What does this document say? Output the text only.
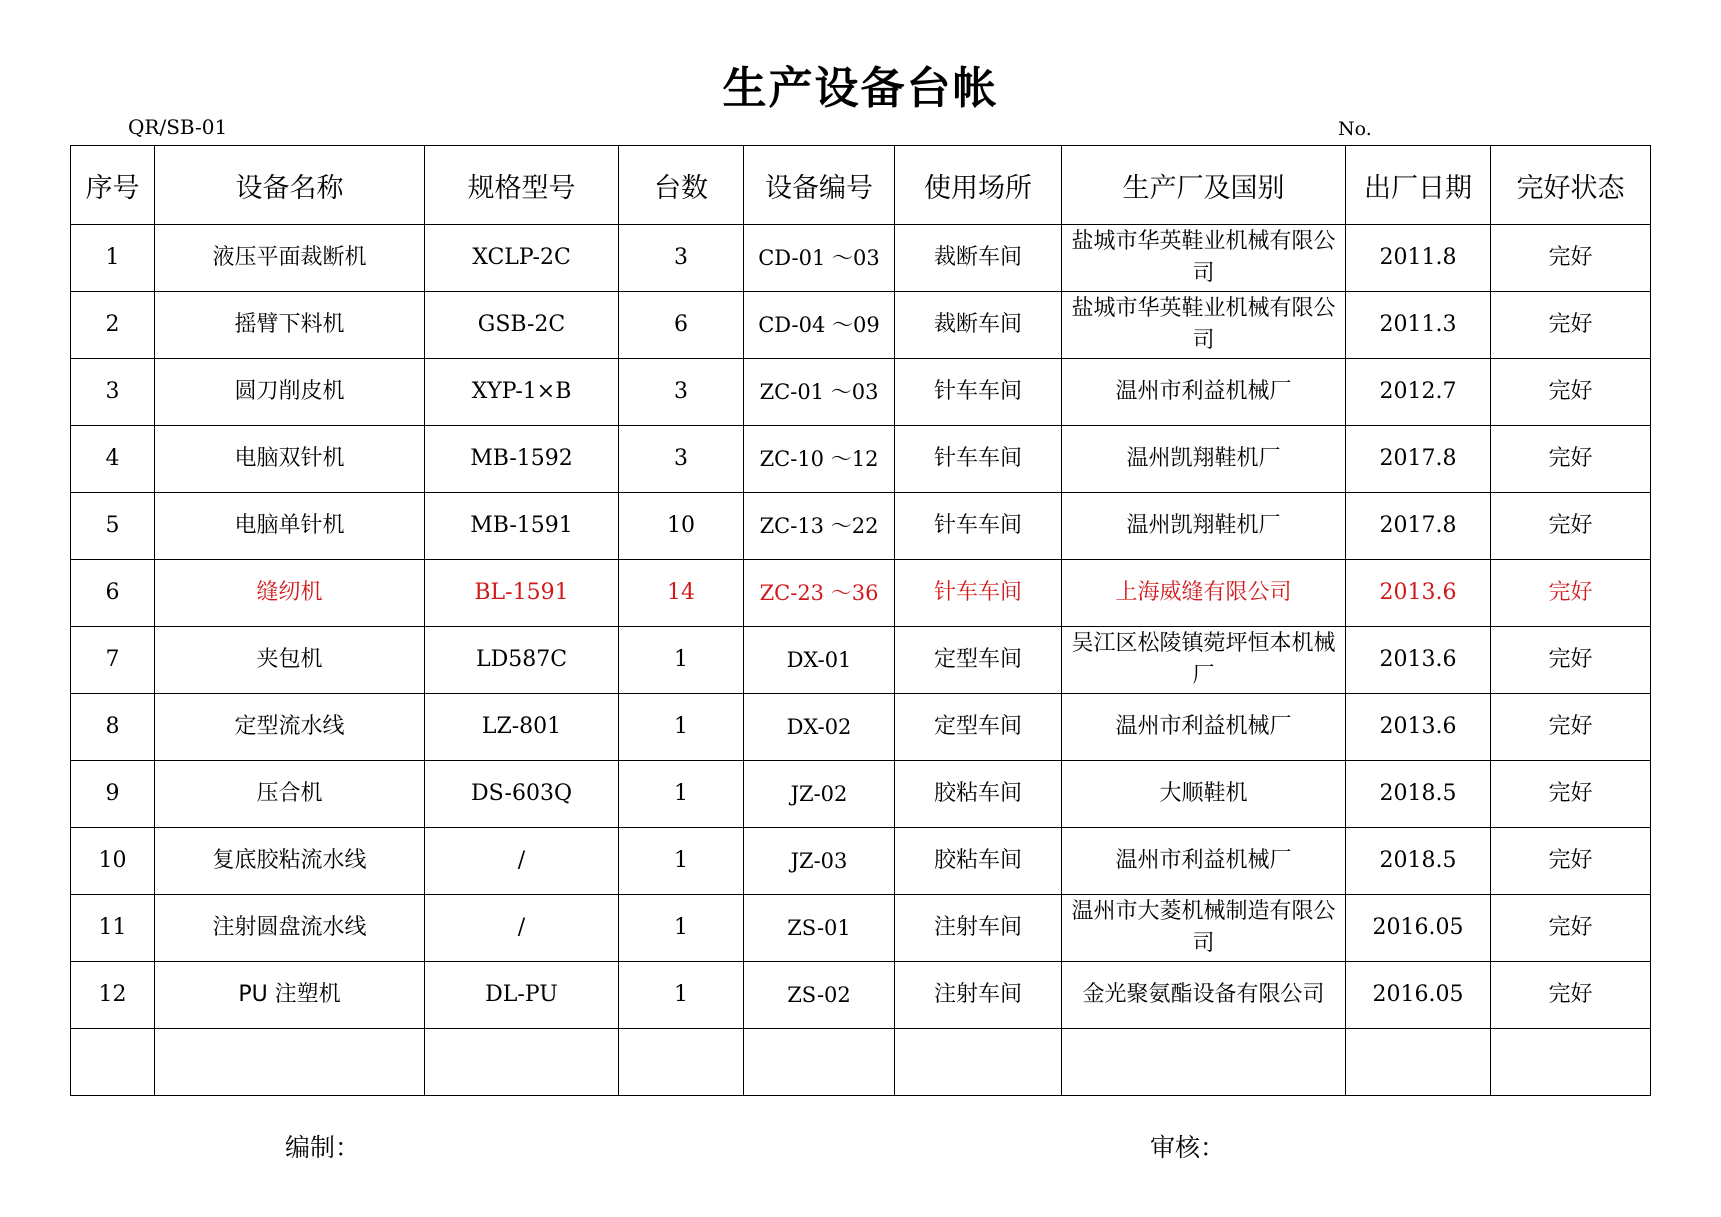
生产设备台帐
QR/SB-01	No.
序号	设备名称	规格型号	台数	设备编号	使用场所	生产厂及国别	出厂日期	完好状态
1	液压平面裁断机	XCLP-2C	3	CD-01 ～03	裁断车间	盐城市华英鞋业机械有限公司	2011.8	完好
2	摇臂下料机	GSB-2C	6	CD-04 ～09	裁断车间	盐城市华英鞋业机械有限公司	2011.3	完好
3	圆刀削皮机	XYP-1×B	3	ZC-01 ～03	针车车间	温州市利益机械厂	2012.7	完好
4	电脑双针机	MB-1592	3	ZC-10 ～12	针车车间	温州凯翔鞋机厂	2017.8	完好
5	电脑单针机	MB-1591	10	ZC-13 ～22	针车车间	温州凯翔鞋机厂	2017.8	完好
6	缝纫机	BL-1591	14	ZC-23 ～36	针车车间	上海威缝有限公司	2013.6	完好
7	夹包机	LD587C	1	DX-01	定型车间	吴江区松陵镇菀坪恒本机械厂	2013.6	完好
8	定型流水线	LZ-801	1	DX-02	定型车间	温州市利益机械厂	2013.6	完好
9	压合机	DS-603Q	1	JZ-02	胶粘车间	大顺鞋机	2018.5	完好
10	复底胶粘流水线	/	1	JZ-03	胶粘车间	温州市利益机械厂	2018.5	完好
11	注射圆盘流水线	/	1	ZS-01	注射车间	温州市大菱机械制造有限公司	2016.05	完好
12	PU 注塑机	DL-PU	1	ZS-02	注射车间	金光聚氨酯设备有限公司	2016.05	完好

编制：	审核：
